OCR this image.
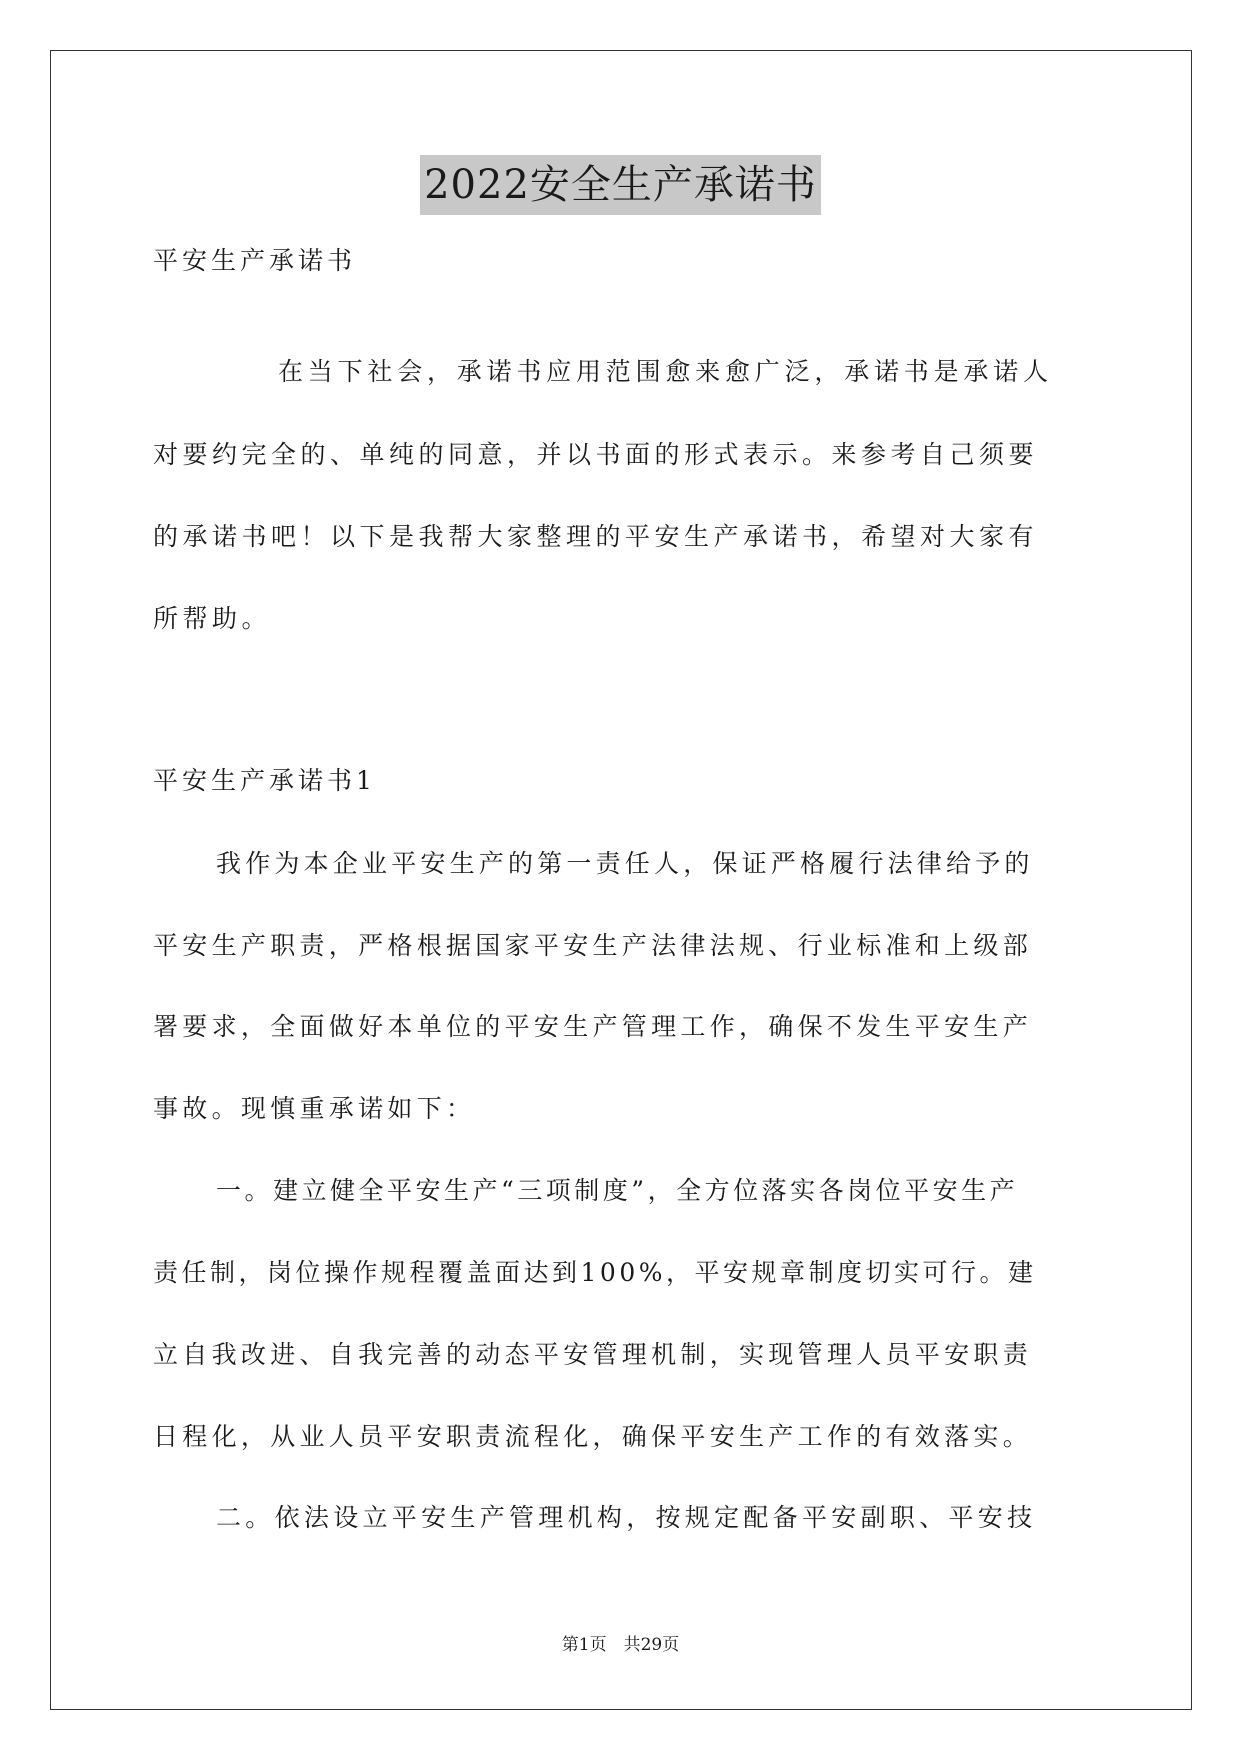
2022安全生产承诺书
平安生产承诺书
在当下社会，承诺书应用范围愈来愈广泛，承诺书是承诺人
对要约完全的、单纯的同意，并以书面的形式表示。来参考自己须要
的承诺书吧！以下是我帮大家整理的平安生产承诺书，希望对大家有
所帮助。
平安生产承诺书1
我作为本企业平安生产的第一责任人，保证严格履行法律给予的
平安生产职责，严格根据国家平安生产法律法规、行业标准和上级部
署要求，全面做好本单位的平安生产管理工作，确保不发生平安生产
事故。现慎重承诺如下：
一。建立健全平安生产“三项制度”，全方位落实各岗位平安生产
责任制，岗位操作规程覆盖面达到100%，平安规章制度切实可行。建
立自我改进、自我完善的动态平安管理机制，实现管理人员平安职责
日程化，从业人员平安职责流程化，确保平安生产工作的有效落实。
二。依法设立平安生产管理机构，按规定配备平安副职、平安技
第1页  共29页
